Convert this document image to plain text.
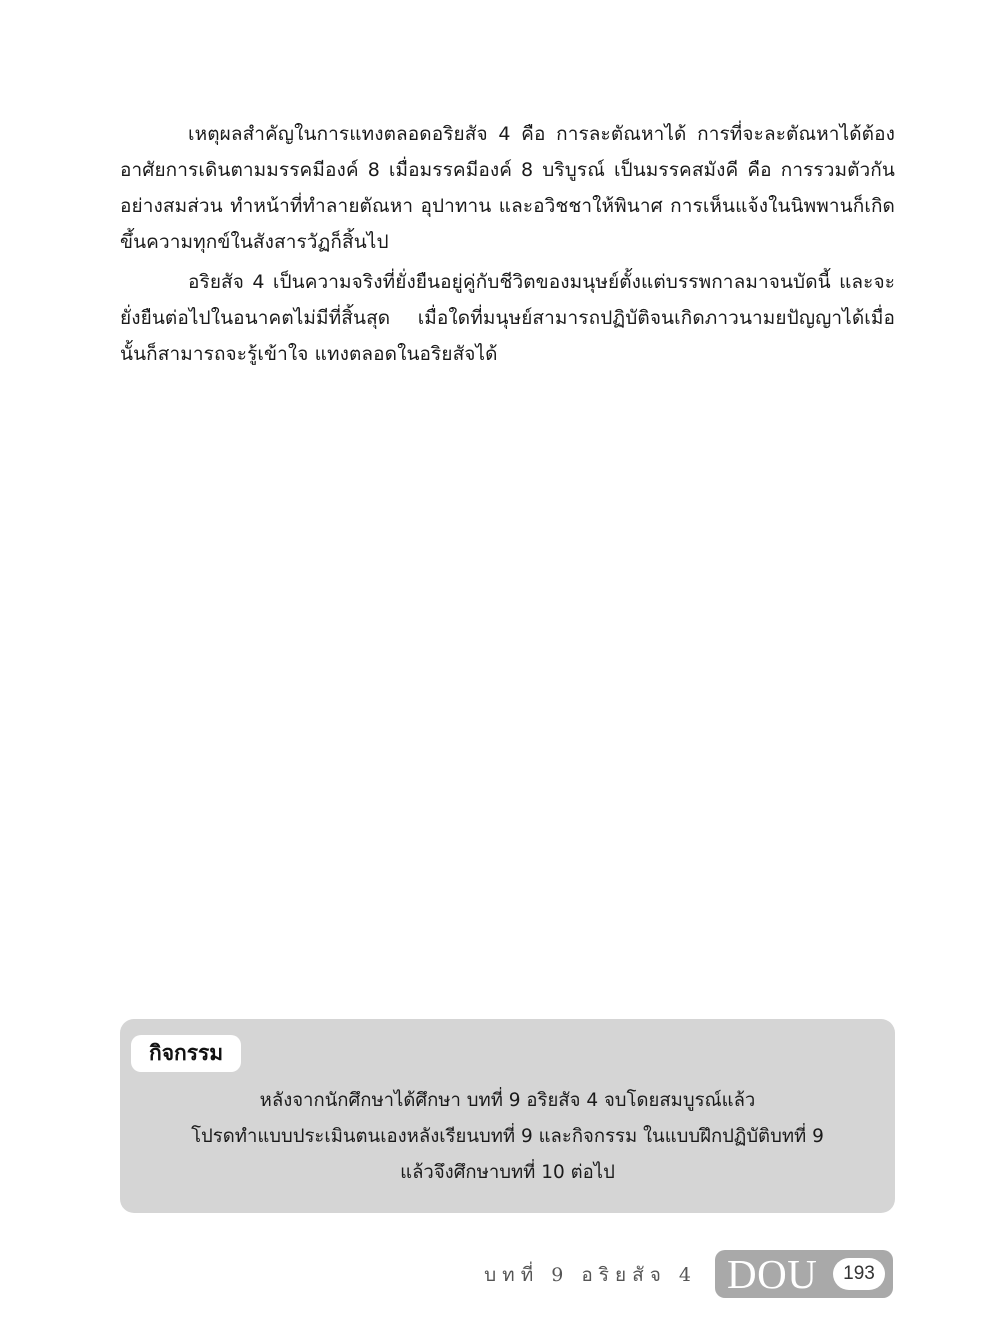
เหตุผลสำคัญในการแทงตลอดอริยสัจ 4 คือ การละตัณหาได้ การที่จะละตัณหาได้ต้องอาศัยการเดินตามมรรคมีองค์ 8 เมื่อมรรคมีองค์ 8 บริบูรณ์ เป็นมรรคสมังคี คือ การรวมตัวกันอย่างสมส่วน ทำหน้าที่ทำลายตัณหา อุปาทาน และอวิชชาให้พินาศ การเห็นแจ้งในนิพพานก็เกิดขึ้นความทุกข์ในสังสารวัฏก็สิ้นไป

อริยสัจ 4 เป็นความจริงที่ยั่งยืนอยู่คู่กับชีวิตของมนุษย์ตั้งแต่บรรพกาลมาจนบัดนี้ และจะยั่งยืนต่อไปในอนาคตไม่มีที่สิ้นสุด เมื่อใดที่มนุษย์สามารถปฏิบัติจนเกิดภาวนามยปัญญาได้เมื่อนั้นก็สามารถจะรู้เข้าใจ แทงตลอดในอริยสัจได้

กิจกรรม
หลังจากนักศึกษาได้ศึกษา บทที่ 9 อริยสัจ 4 จบโดยสมบูรณ์แล้ว
โปรดทำแบบประเมินตนเองหลังเรียนบทที่ 9 และกิจกรรม ในแบบฝึกปฏิบัติบทที่ 9
แล้วจึงศึกษาบทที่ 10 ต่อไป
บทที่ 9 อริยสัจ 4 DOU	193
